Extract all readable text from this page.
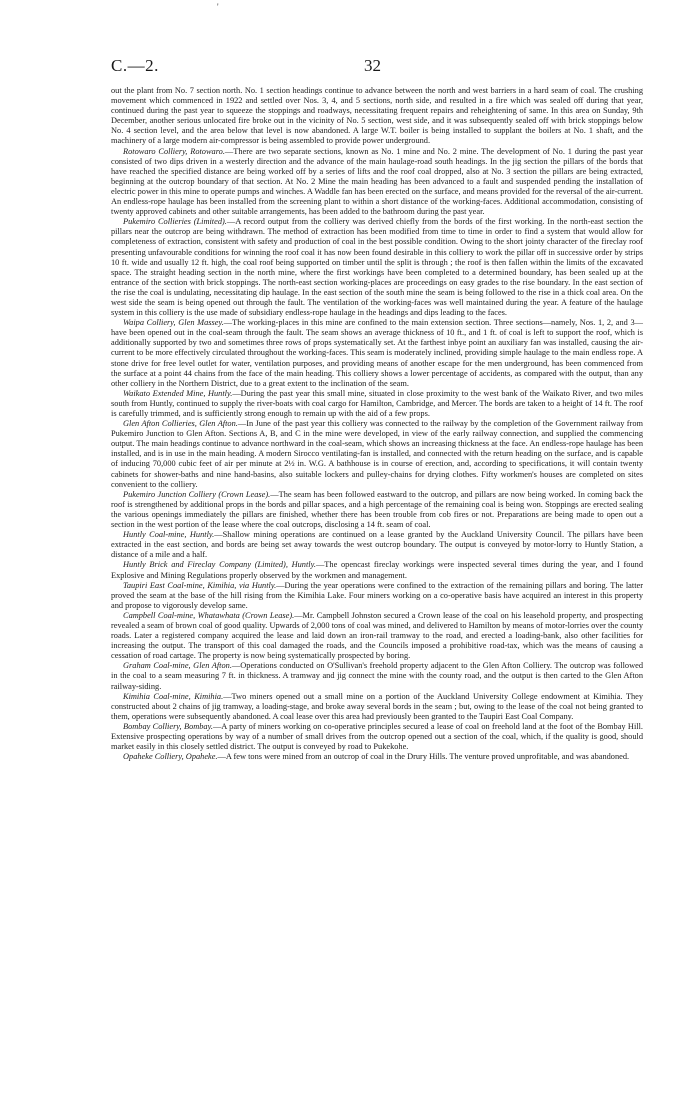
'
C.—2.	32

out the plant from No. 7 section north. No. 1 section headings continue to advance between the north and west barriers in a hard seam of coal. The crushing movement which commenced in 1922 and settled over Nos. 3, 4, and 5 sections, north side, and resulted in a fire which was sealed off during that year, continued during the past year to squeeze the stoppings and roadways, necessitating frequent repairs and reheightening of same. In this area on Sunday, 9th December, another serious unlocated fire broke out in the vicinity of No. 5 section, west side, and it was subsequently sealed off with brick stoppings below No. 4 section level, and the area below that level is now abandoned. A large W.T. boiler is being installed to supplant the boilers at No. 1 shaft, and the machinery of a large modern air-compressor is being assembled to provide power underground.

Rotowaro Colliery, Rotowaro.—There are two separate sections, known as No. 1 mine and No. 2 mine. The development of No. 1 during the past year consisted of two dips driven in a westerly direction and the advance of the main haulage-road south headings. In the jig section the pillars of the bords that have reached the specified distance are being worked off by a series of lifts and the roof coal dropped, also at No. 3 section the pillars are being extracted, beginning at the outcrop boundary of that section. At No. 2 Mine the main heading has been advanced to a fault and suspended pending the installation of electric power in this mine to operate pumps and winches. A Waddle fan has been erected on the surface, and means provided for the reversal of the air-current. An endless-rope haulage has been installed from the screening plant to within a short distance of the working-faces. Additional accommodation, consisting of twenty approved cabinets and other suitable arrangements, has been added to the bathroom during the past year.

Pukemiro Collieries (Limited).—A record output from the colliery was derived chiefly from the bords of the first working. In the north-east section the pillars near the outcrop are being withdrawn. The method of extraction has been modified from time to time in order to find a system that would allow for completeness of extraction, consistent with safety and production of coal in the best possible condition. Owing to the short jointy character of the fireclay roof presenting unfavourable conditions for winning the roof coal it has now been found desirable in this colliery to work the pillar off in successive order by strips 10 ft. wide and usually 12 ft. high, the coal roof being supported on timber until the split is through ; the roof is then fallen within the limits of the excavated space. The straight heading section in the north mine, where the first workings have been completed to a determined boundary, has been sealed up at the entrance of the section with brick stoppings. The north-east section working-places are proceedings on easy grades to the rise boundary. In the east section of the rise the coal is undulating, necessitating dip haulage. In the east section of the south mine the seam is being followed to the rise in a thick coal area. On the west side the seam is being opened out through the fault. The ventilation of the working-faces was well maintained during the year. A feature of the haulage system in this colliery is the use made of subsidiary endless-rope haulage in the headings and dips leading to the faces.

Waipa Colliery, Glen Massey.—The working-places in this mine are confined to the main extension section. Three sections—namely, Nos. 1, 2, and 3—have been opened out in the coal-seam through the fault. The seam shows an average thickness of 10 ft., and 1 ft. of coal is left to support the roof, which is additionally supported by two and sometimes three rows of props systematically set. At the farthest inbye point an auxiliary fan was installed, causing the air-current to be more effectively circulated throughout the working-faces. This seam is moderately inclined, providing simple haulage to the main endless rope. A stone drive for free level outlet for water, ventilation purposes, and providing means of another escape for the men underground, has been commenced from the surface at a point 44 chains from the face of the main heading. This colliery shows a lower percentage of accidents, as compared with the output, than any other colliery in the Northern District, due to a great extent to the inclination of the seam.

Waikato Extended Mine, Huntly.—During the past year this small mine, situated in close proximity to the west bank of the Waikato River, and two miles south from Huntly, continued to supply the river-boats with coal cargo for Hamilton, Cambridge, and Mercer. The bords are taken to a height of 14 ft. The roof is carefully trimmed, and is sufficiently strong enough to remain up with the aid of a few props.

Glen Afton Collieries, Glen Afton.—In June of the past year this colliery was connected to the railway by the completion of the Government railway from Pukemiro Junction to Glen Afton. Sections A, B, and C in the mine were developed, in view of the early railway connection, and supplied the commencing output. The main headings continue to advance northward in the coal-seam, which shows an increasing thickness at the face. An endless-rope haulage has been installed, and is in use in the main heading. A modern Sirocco ventilating-fan is installed, and connected with the return heading on the surface, and is capable of inducing 70,000 cubic feet of air per minute at 2½ in. W.G. A bathhouse is in course of erection, and, according to specifications, it will contain twenty cabinets for shower-baths and nine hand-basins, also suitable lockers and pulley-chains for drying clothes. Fifty workmen's houses are completed on sites convenient to the colliery.

Pukemiro Junction Colliery (Crown Lease).—The seam has been followed eastward to the outcrop, and pillars are now being worked. In coming back the roof is strengthened by additional props in the bords and pillar spaces, and a high percentage of the remaining coal is being won. Stoppings are erected sealing the various openings immediately the pillars are finished, whether there has been trouble from cob fires or not. Preparations are being made to open out a section in the west portion of the lease where the coal outcrops, disclosing a 14 ft. seam of coal.

Huntly Coal-mine, Huntly.—Shallow mining operations are continued on a lease granted by the Auckland University Council. The pillars have been extracted in the east section, and bords are being set away towards the west outcrop boundary. The output is conveyed by motor-lorry to Huntly Station, a distance of a mile and a half.

Huntly Brick and Fireclay Company (Limited), Huntly.—The opencast fireclay workings were inspected several times during the year, and I found Explosive and Mining Regulations properly observed by the workmen and management.

Taupiri East Coal-mine, Kimihia, via Huntly.—During the year operations were confined to the extraction of the remaining pillars and boring. The latter proved the seam at the base of the hill rising from the Kimihia Lake. Four miners working on a co-operative basis have acquired an interest in this property and propose to vigorously develop same.

Campbell Coal-mine, Whatawhata (Crown Lease).—Mr. Campbell Johnston secured a Crown lease of the coal on his leasehold property, and prospecting revealed a seam of brown coal of good quality. Upwards of 2,000 tons of coal was mined, and delivered to Hamilton by means of motor-lorries over the county roads. Later a registered company acquired the lease and laid down an iron-rail tramway to the road, and erected a loading-bank, also other facilities for increasing the output. The transport of this coal damaged the roads, and the Councils imposed a prohibitive road-tax, which was the means of causing a cessation of road cartage. The property is now being systematically prospected by boring.

Graham Coal-mine, Glen Afton.—Operations conducted on O'Sullivan's freehold property adjacent to the Glen Afton Colliery. The outcrop was followed in the coal to a seam measuring 7 ft. in thickness. A tramway and jig connect the mine with the county road, and the output is then carted to the Glen Afton railway-siding.

Kimihia Coal-mine, Kimihia.—Two miners opened out a small mine on a portion of the Auckland University College endowment at Kimihia. They constructed about 2 chains of jig tramway, a loading-stage, and broke away several bords in the seam ; but, owing to the lease of the coal not being granted to them, operations were subsequently abandoned. A coal lease over this area had previously been granted to the Taupiri East Coal Company.

Bombay Colliery, Bombay.—A party of miners working on co-operative principles secured a lease of coal on freehold land at the foot of the Bombay Hill. Extensive prospecting operations by way of a number of small drives from the outcrop opened out a section of the coal, which, if the quality is good, should market easily in this closely settled district. The output is conveyed by road to Pukekohe.

Opaheke Colliery, Opaheke.—A few tons were mined from an outcrop of coal in the Drury Hills. The venture proved unprofitable, and was abandoned.
